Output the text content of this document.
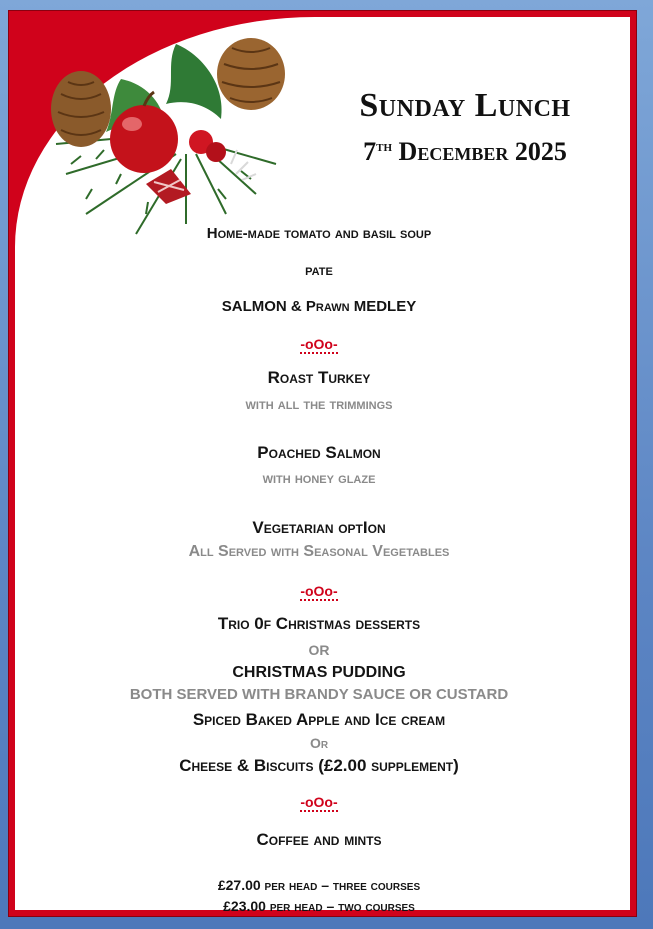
Sunday Lunch
7th December 2025
Home-made tomato and basil soup
pate
SALMON & Prawn MEDLEY
-oOo-
Roast Turkey
with all the trimmings
Poached Salmon
with honey glaze
Vegetarian optIon
All Served with Seasonal Vegetables
-oOo-
Trio 0f Christmas desserts
OR
CHRISTMAS PUDDING
BOTH SERVED WITH BRANDY SAUCE OR CUSTARD
Spiced Baked Apple and Ice cream
Or
Cheese & Biscuits (£2.00 supplement)
-oOo-
Coffee and mints
£27.00 per head – three courses
£23.00 per head – two courses
